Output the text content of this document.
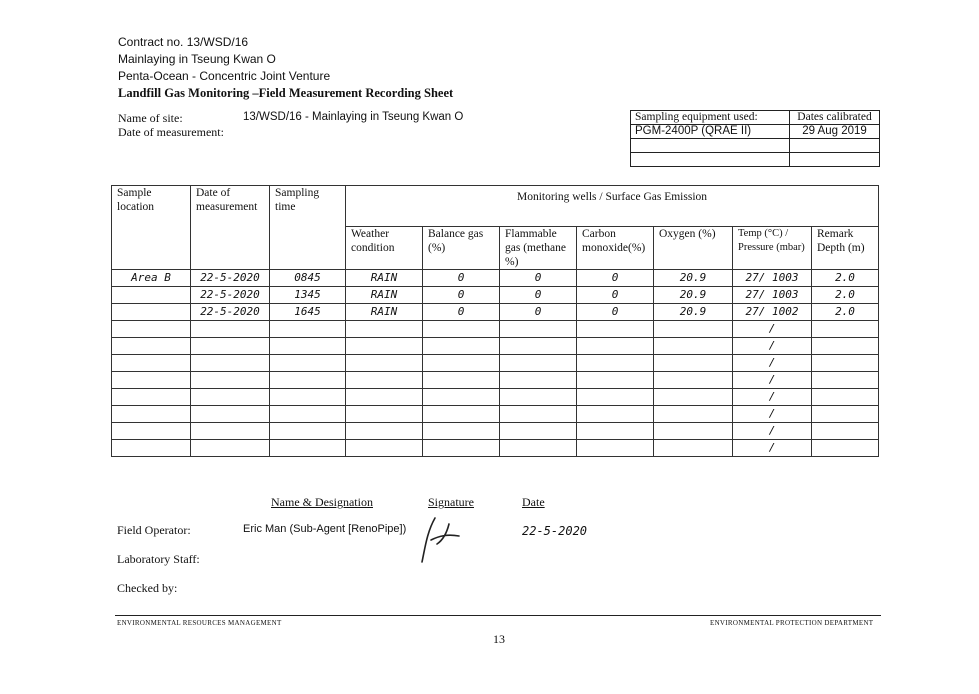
Contract no. 13/WSD/16
Mainlaying in Tseung Kwan O
Penta-Ocean - Concentric Joint Venture
Landfill Gas Monitoring –Field Measurement Recording Sheet
Name of site:	13/WSD/16 - Mainlaying in Tseung Kwan O
Date of measurement:
Sampling equipment used:	Dates calibrated
PGM-2400P (QRAE II)	29 Aug 2019

Sample location	Date of measurement	Sampling time	Monitoring wells / Surface Gas Emission						
			Weather condition	Balance gas (%)	Flammable gas (methane %)	Carbon monoxide(%)	Oxygen (%)	Temp (°C) / Pressure (mbar)	Remark Depth (m)
Area B	22-5-2020	0845	RAIN	0	0	0	20.9	27/ 1003	2.0
	22-5-2020	1345	RAIN	0	0	0	20.9	27/ 1003	2.0
	22-5-2020	1645	RAIN	0	0	0	20.9	27/ 1002	2.0
								/	
								/	
								/	
								/	
								/	
								/	
								/	
								/	
Name & Designation	Signature	Date
Field Operator:	Eric Man (Sub-Agent [RenoPipe])	22-5-2020
Laboratory Staff:
Checked by:
ENVIRONMENTAL RESOURCES MANAGEMENT	ENVIRONMENTAL PROTECTION DEPARTMENT
13
